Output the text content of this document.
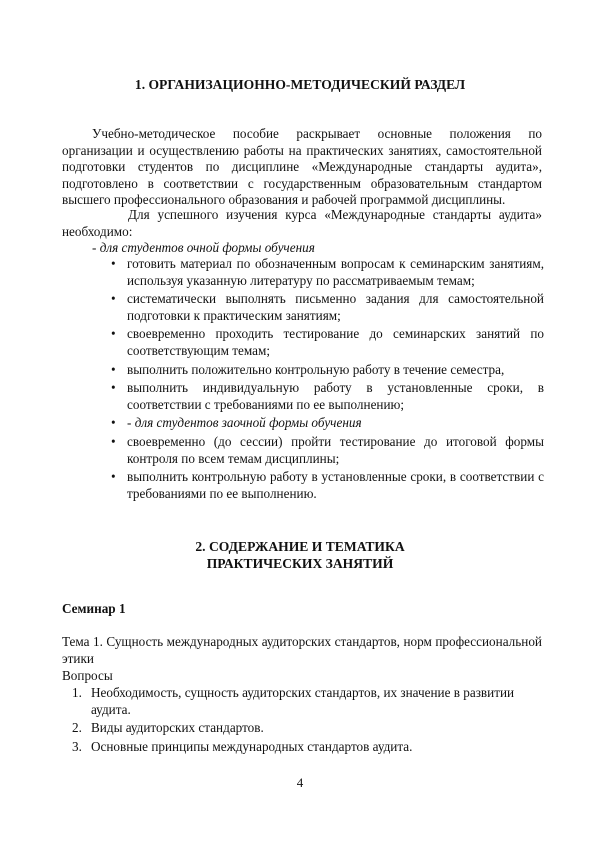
1. ОРГАНИЗАЦИОННО-МЕТОДИЧЕСКИЙ РАЗДЕЛ
Учебно-методическое пособие раскрывает основные положения по организации и осуществлению работы на практических занятиях, самостоятельной подготовки студентов по дисциплине «Международные стандарты аудита», подготовлено в соответствии с государственным образовательным стандартом высшего профессионального образования и рабочей программой дисциплины.
Для успешного изучения курса «Международные стандарты аудита» необходимо:
- для студентов очной формы обучения
• готовить материал по обозначенным вопросам к семинарским занятиям, используя указанную литературу по рассматриваемым темам;
• систематически выполнять письменно задания для самостоятельной подготовки к практическим занятиям;
• своевременно проходить тестирование до семинарских занятий по соответствующим темам;
• выполнить положительно контрольную работу в течение семестра,
• выполнить индивидуальную работу в установленные сроки, в соответствии с требованиями по ее выполнению;
• - для студентов заочной формы обучения
• своевременно (до сессии) пройти тестирование до итоговой формы контроля по всем темам дисциплины;
• выполнить контрольную работу в установленные сроки, в соответствии с требованиями по ее выполнению.
2. СОДЕРЖАНИЕ И ТЕМАТИКА
ПРАКТИЧЕСКИХ ЗАНЯТИЙ
Семинар 1
Тема 1. Сущность международных аудиторских стандартов, норм профессиональной этики
Вопросы
1. Необходимость, сущность аудиторских стандартов, их значение в развитии аудита.
2. Виды аудиторских стандартов.
3. Основные принципы международных стандартов аудита.
4
